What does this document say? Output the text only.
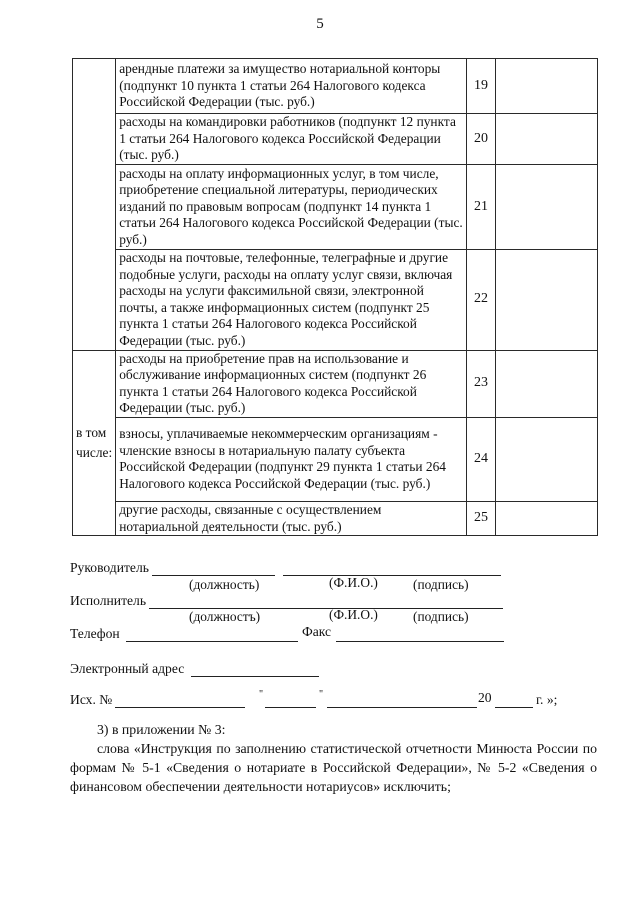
5
	арендные платежи за имущество нотариальной конторы (подпункт 10 пункта 1 статьи 264 Налогового кодекса Российской Федерации (тыс. руб.)	19	
	расходы на командировки работников (подпункт 12 пункта 1 статьи 264 Налогового кодекса Российской Федерации (тыс. руб.)	20	
	расходы на оплату информационных услуг, в том числе, приобретение специальной литературы, периодических изданий по правовым вопросам (подпункт 14 пункта 1 статьи 264 Налогового кодекса Российской Федерации (тыс. руб.)	21	
	расходы на почтовые, телефонные, телеграфные и другие подобные услуги, расходы на оплату услуг связи, включая расходы на услуги факсимильной связи, электронной почты, а также информационных систем (подпункт 25 пункта 1 статьи 264 Налогового кодекса Российской Федерации (тыс. руб.)	22	
в том числе:	расходы на приобретение прав на использование и обслуживание информационных систем (подпункт 26 пункта 1 статьи 264 Налогового кодекса Российской Федерации (тыс. руб.)	23	
	взносы, уплачиваемые некоммерческим организациям - членские взносы в нотариальную палату субъекта Российской Федерации (подпункт 29 пункта 1 статьи 264 Налогового кодекса Российской Федерации (тыс. руб.)	24	
	другие расходы, связанные с осуществлением нотариальной деятельности (тыс. руб.)	25	
Руководитель
(должность)	(Ф.И.О.)	(подпись)
Исполнитель
(должностъ)	(Ф.И.О.)	(подпись)
Телефон	Факс
Электронный адрес
Исх. №	"	"	20	г. »;
3) в приложении № 3:
слова «Инструкция по заполнению статистической отчетности Минюста России по формам № 5-1 «Сведения о нотариате в Российской Федерации», № 5-2 «Сведения о финансовом обеспечении деятельности нотариусов» исключить;
